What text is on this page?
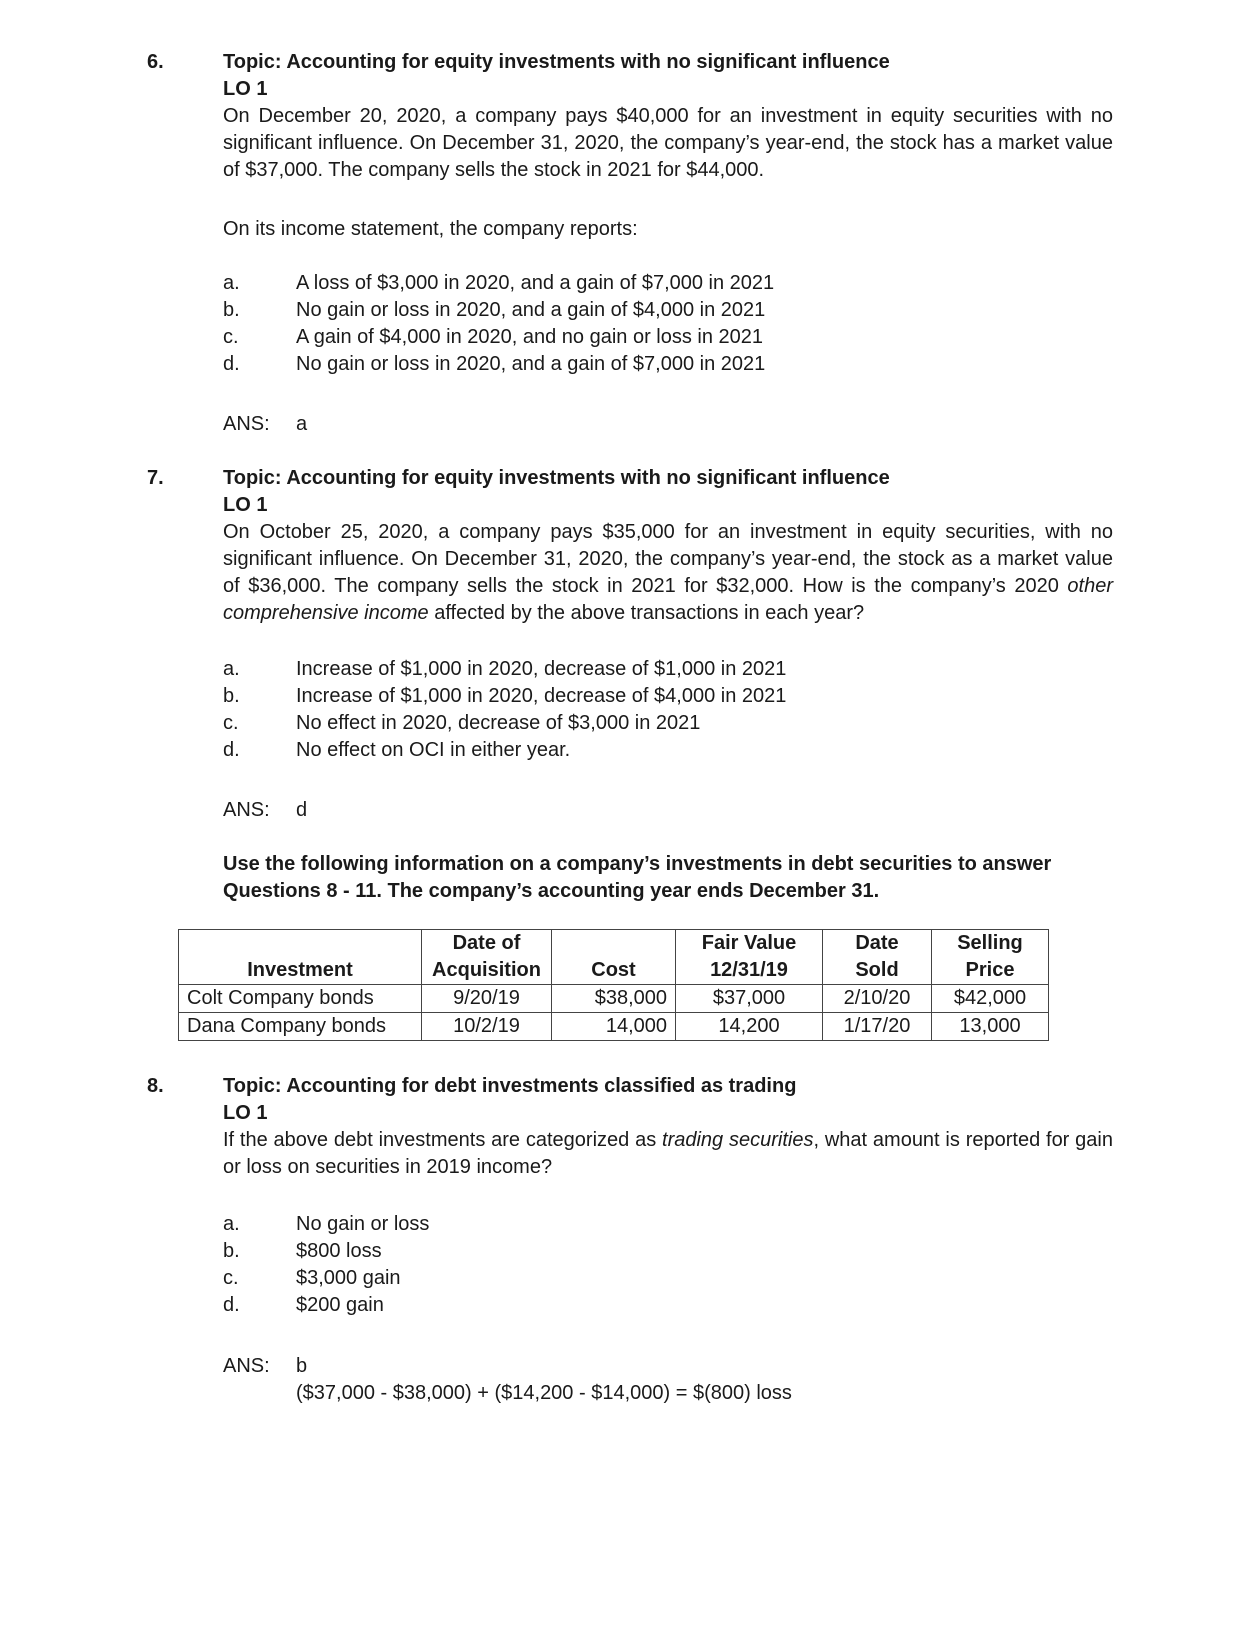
6.	Topic: Accounting for equity investments with no significant influence
LO 1
On December 20, 2020, a company pays $40,000 for an investment in equity securities with no significant influence. On December 31, 2020, the company’s year-end, the stock has a market value of $37,000. The company sells the stock in 2021 for $44,000.
On its income statement, the company reports:
a.	A loss of $3,000 in 2020, and a gain of $7,000 in 2021
b.	No gain or loss in 2020, and a gain of $4,000 in 2021
c.	A gain of $4,000 in 2020, and no gain or loss in 2021
d.	No gain or loss in 2020, and a gain of $7,000 in 2021
ANS: a
7.	Topic: Accounting for equity investments with no significant influence
LO 1
On October 25, 2020, a company pays $35,000 for an investment in equity securities, with no significant influence. On December 31, 2020, the company’s year-end, the stock as a market value of $36,000. The company sells the stock in 2021 for $32,000. How is the company’s 2020 other comprehensive income affected by the above transactions in each year?
a.	Increase of $1,000 in 2020, decrease of $1,000 in 2021
b.	Increase of $1,000 in 2020, decrease of $4,000 in 2021
c.	No effect in 2020, decrease of $3,000 in 2021
d.	No effect on OCI in either year.
ANS: d
Use the following information on a company’s investments in debt securities to answer Questions 8 - 11. The company’s accounting year ends December 31.
	Date of		Fair Value	Date	Selling
Investment	Acquisition	Cost	12/31/19	Sold	Price
Colt Company bonds	9/20/19	$38,000	$37,000	2/10/20	$42,000
Dana Company bonds	10/2/19	14,000	14,200	1/17/20	13,000
8.	Topic: Accounting for debt investments classified as trading
LO 1
If the above debt investments are categorized as trading securities, what amount is reported for gain or loss on securities in 2019 income?
a.	No gain or loss
b.	$800 loss
c.	$3,000 gain
d.	$200 gain
ANS: b
($37,000 - $38,000) + ($14,200 - $14,000) = $(800) loss
